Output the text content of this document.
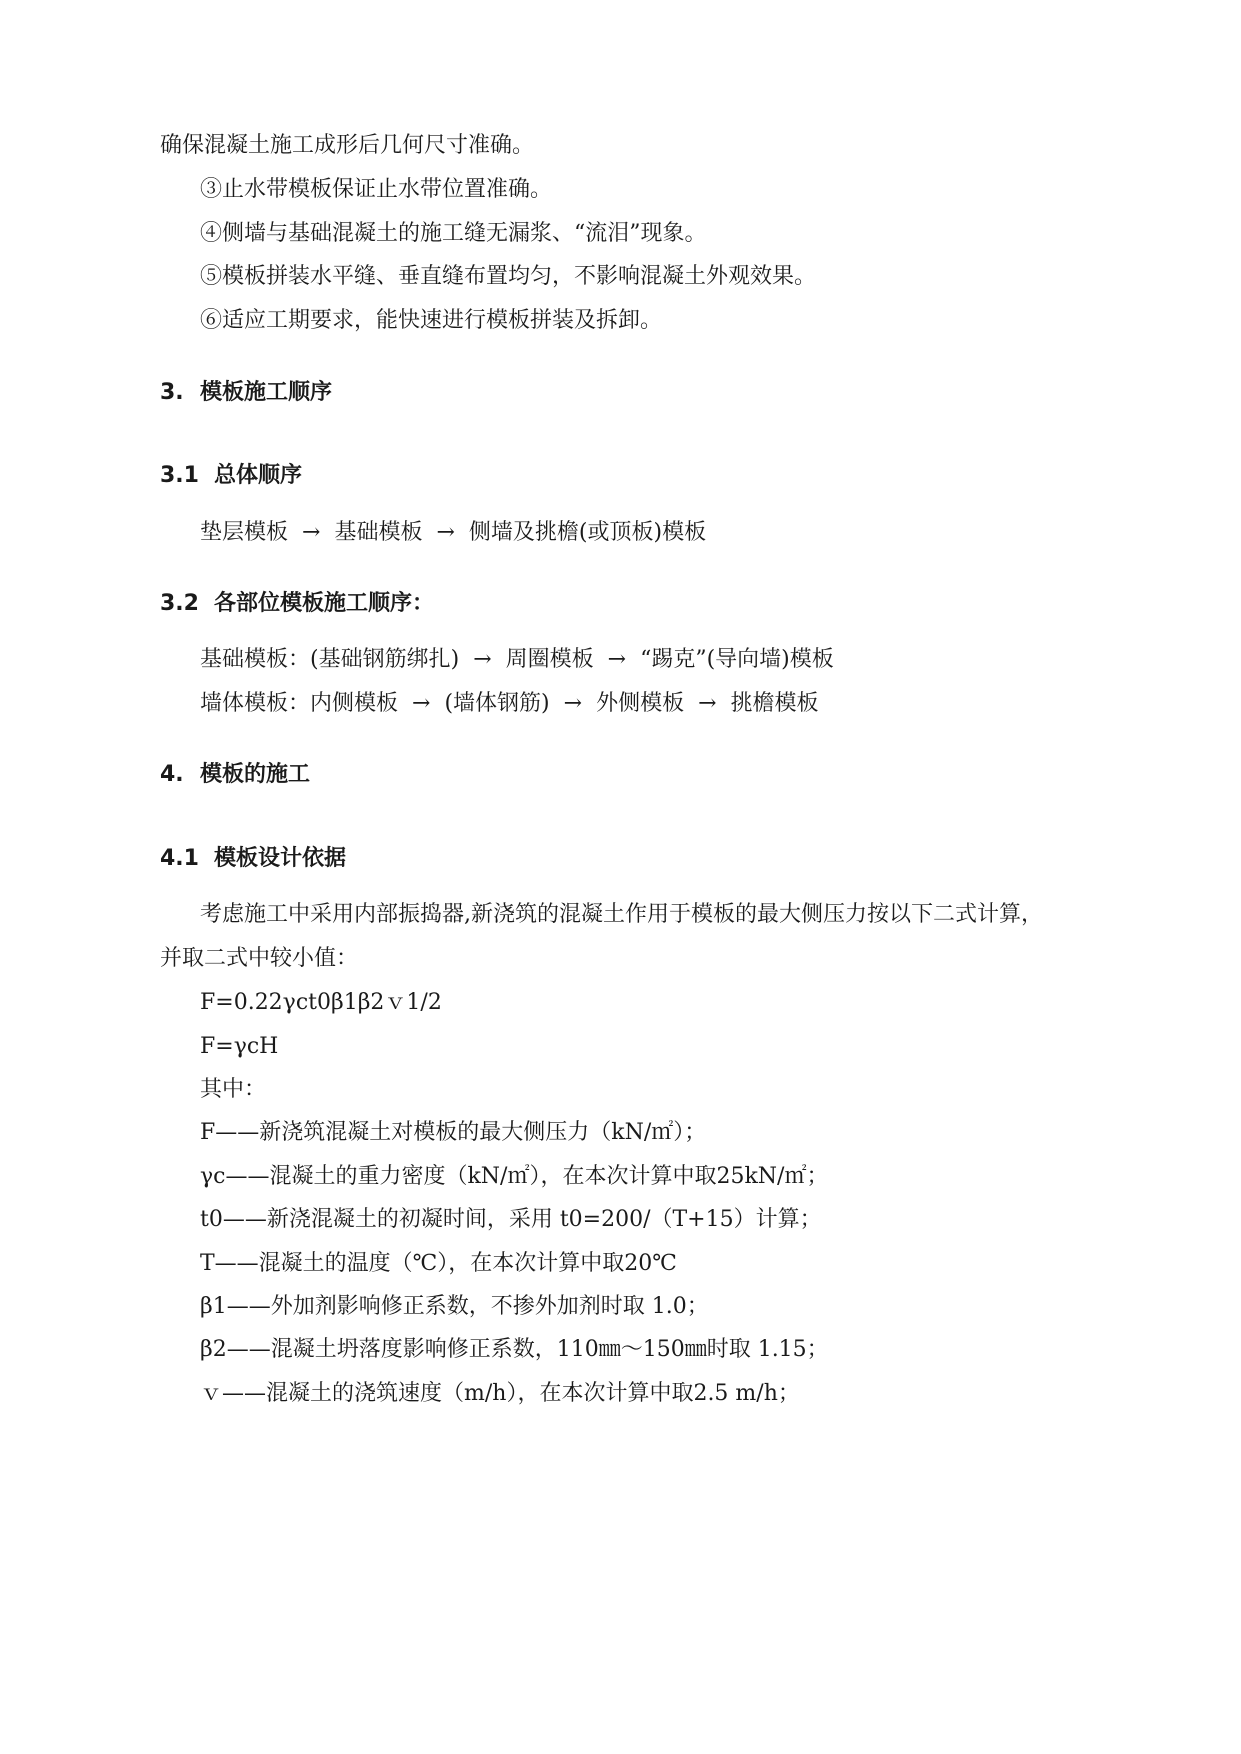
确保混凝土施工成形后几何尺寸准确。
③止水带模板保证止水带位置准确。
④侧墙与基础混凝土的施工缝无漏浆、“流泪”现象。
⑤模板拼装水平缝、垂直缝布置均匀，不影响混凝土外观效果。
⑥适应工期要求，能快速进行模板拼装及拆卸。
3. 模板施工顺序
3.1 总体顺序
垫层模板 → 基础模板 → 侧墙及挑檐(或顶板)模板
3.2 各部位模板施工顺序：
基础模板：(基础钢筋绑扎) → 周圈模板 → “踢克”(导向墙)模板
墙体模板：内侧模板 → (墙体钢筋) → 外侧模板 → 挑檐模板
4. 模板的施工
4.1 模板设计依据
考虑施工中采用内部振捣器,新浇筑的混凝土作用于模板的最大侧压力按以下二式计算，
并取二式中较小值：
F=0.22γct0β1β2ｖ1/2
F=γcH
其中：
F——新浇筑混凝土对模板的最大侧压力（kN/㎡）；
γc——混凝土的重力密度（kN/㎡），在本次计算中取25kN/㎡；
t0——新浇混凝土的初凝时间，采用 t0=200/（T+15）计算；
T——混凝土的温度（℃），在本次计算中取20℃
β1——外加剂影响修正系数，不掺外加剂时取 1.0；
β2——混凝土坍落度影响修正系数，110㎜～150㎜时取 1.15；
ｖ——混凝土的浇筑速度（m/h），在本次计算中取2.5 m/h；
